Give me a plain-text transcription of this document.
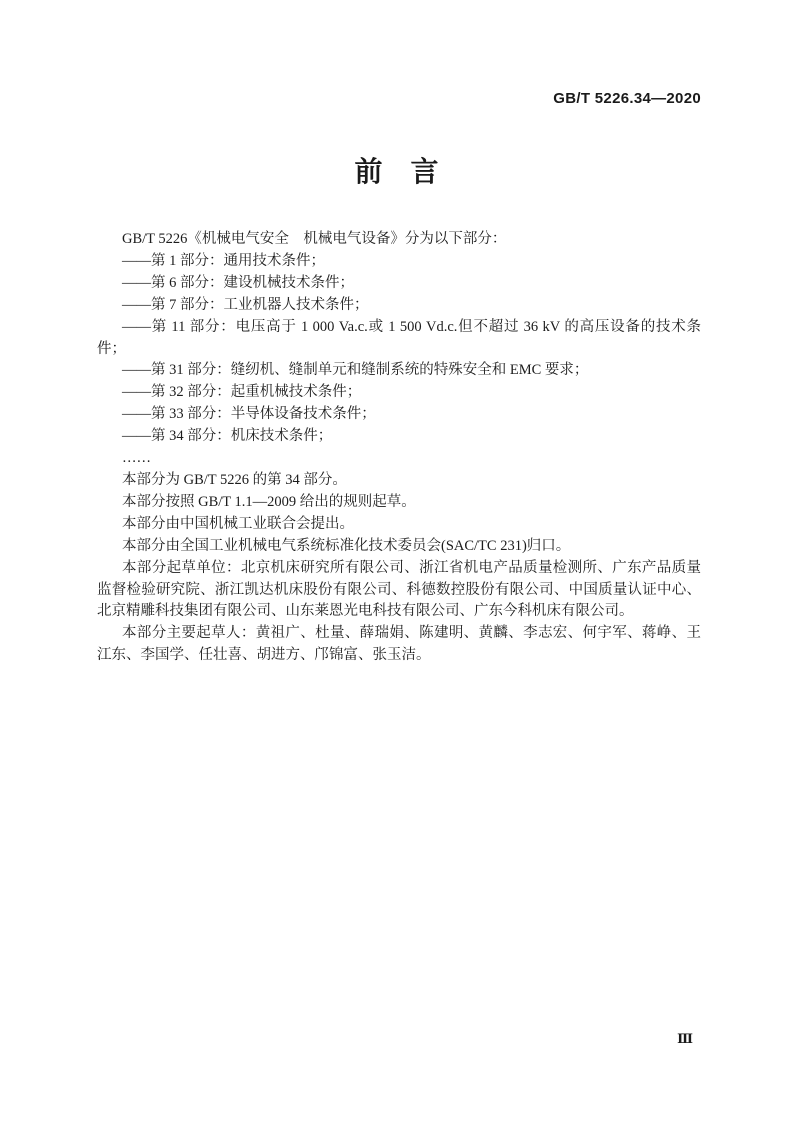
GB/T 5226.34—2020
前　言

GB/T 5226《机械电气安全　机械电气设备》分为以下部分：

——第 1 部分：通用技术条件；

——第 6 部分：建设机械技术条件；

——第 7 部分：工业机器人技术条件；

——第 11 部分：电压高于 1 000 Va.c.或 1 500 Vd.c.但不超过 36 kV 的高压设备的技术条件；

——第 31 部分：缝纫机、缝制单元和缝制系统的特殊安全和 EMC 要求；

——第 32 部分：起重机械技术条件；

——第 33 部分：半导体设备技术条件；

——第 34 部分：机床技术条件；

……

本部分为 GB/T 5226 的第 34 部分。

本部分按照 GB/T 1.1—2009 给出的规则起草。

本部分由中国机械工业联合会提出。

本部分由全国工业机械电气系统标准化技术委员会(SAC/TC 231)归口。

本部分起草单位：北京机床研究所有限公司、浙江省机电产品质量检测所、广东产品质量监督检验研究院、浙江凯达机床股份有限公司、科德数控股份有限公司、中国质量认证中心、北京精雕科技集团有限公司、山东莱恩光电科技有限公司、广东今科机床有限公司。

本部分主要起草人：黄祖广、杜量、薛瑞娟、陈建明、黄麟、李志宏、何宇军、蒋峥、王江东、李国学、任壮喜、胡进方、邝锦富、张玉洁。

Ⅲ
